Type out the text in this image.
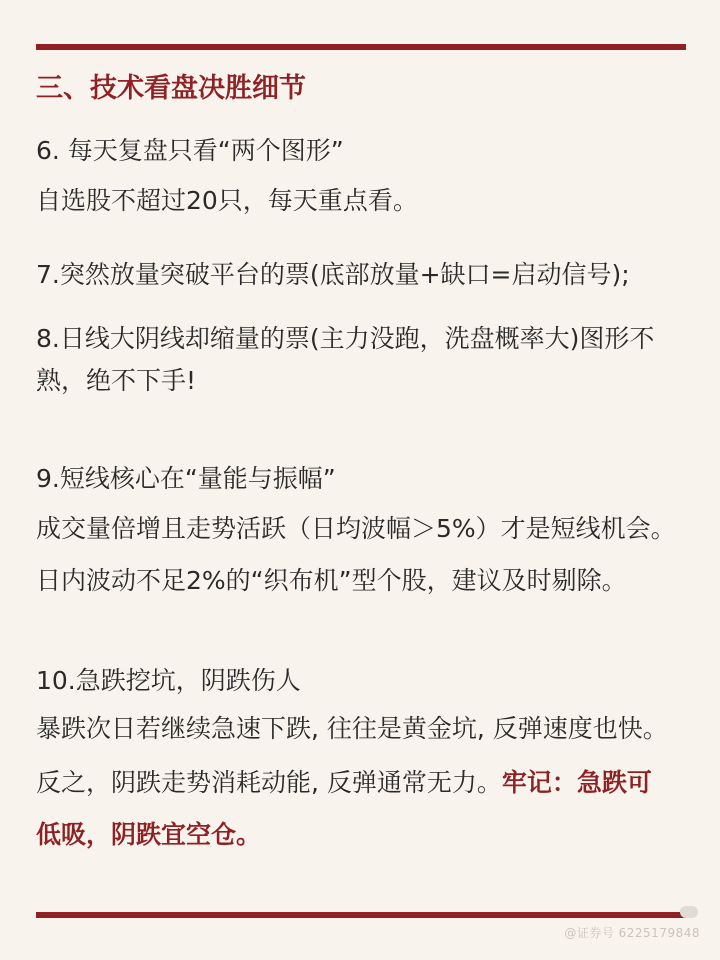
三、技术看盘决胜细节
6. 每天复盘只看“两个图形”
自选股不超过20只，每天重点看。
7.突然放量突破平台的票(底部放量+缺口=启动信号);
8.日线大阴线却缩量的票(主力没跑，洗盘概率大)图形不
熟，绝不下手!
9.短线核心在“量能与振幅”
成交量倍增且走势活跃（日均波幅＞5%）才是短线机会。
日内波动不足2%的“织布机”型个股，建议及时剔除。
10.急跌挖坑，阴跌伤人
暴跌次日若继续急速下跌, 往往是黄金坑, 反弹速度也快。
反之，阴跌走势消耗动能, 反弹通常无力。牢记：急跌可
低吸，阴跌宜空仓。
@证券号 6225179848
